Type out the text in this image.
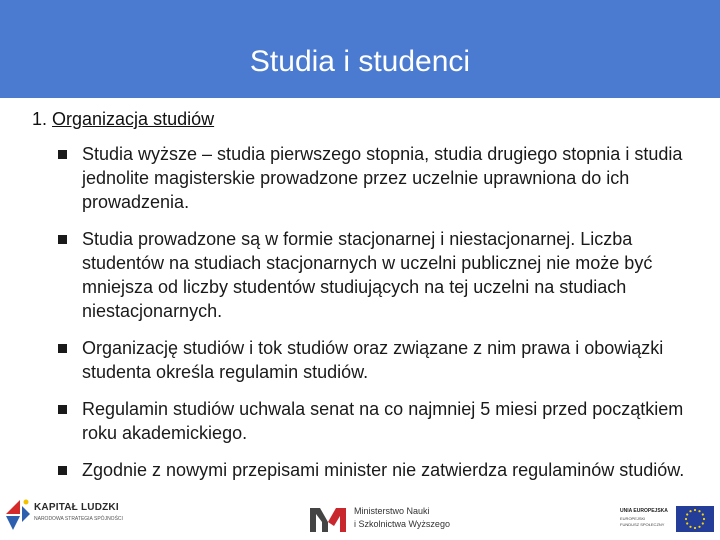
Studia i studenci
1. Organizacja studiów
Studia wyższe – studia pierwszego stopnia, studia drugiego stopnia i studia jednolite magisterskie prowadzone przez uczelnie uprawniona do ich prowadzenia.
Studia prowadzone są w formie stacjonarnej i niestacjonarnej. Liczba studentów na studiach stacjonarnych w uczelni publicznej nie może być mniejsza od liczby studentów studiujących na tej uczelni na studiach niestacjonarnych.
Organizację studiów i tok studiów oraz związane z nim prawa i obowiązki studenta określa regulamin studiów.
Regulamin studiów uchwala senat na co najmniej 5 miesi przed początkiem roku akademickiego.
Zgodnie z nowymi przepisami minister nie zatwierdza regulaminów studiów.
KAPITAŁ LUDZKI
NARODOWA STRATEGIA SPÓJNOŚCI
Ministerstwo Nauki
i Szkolnictwa Wyższego
UNIA EUROPEJSKA
EUROPEJSKI
FUNDUSZ SPOŁECZNY
